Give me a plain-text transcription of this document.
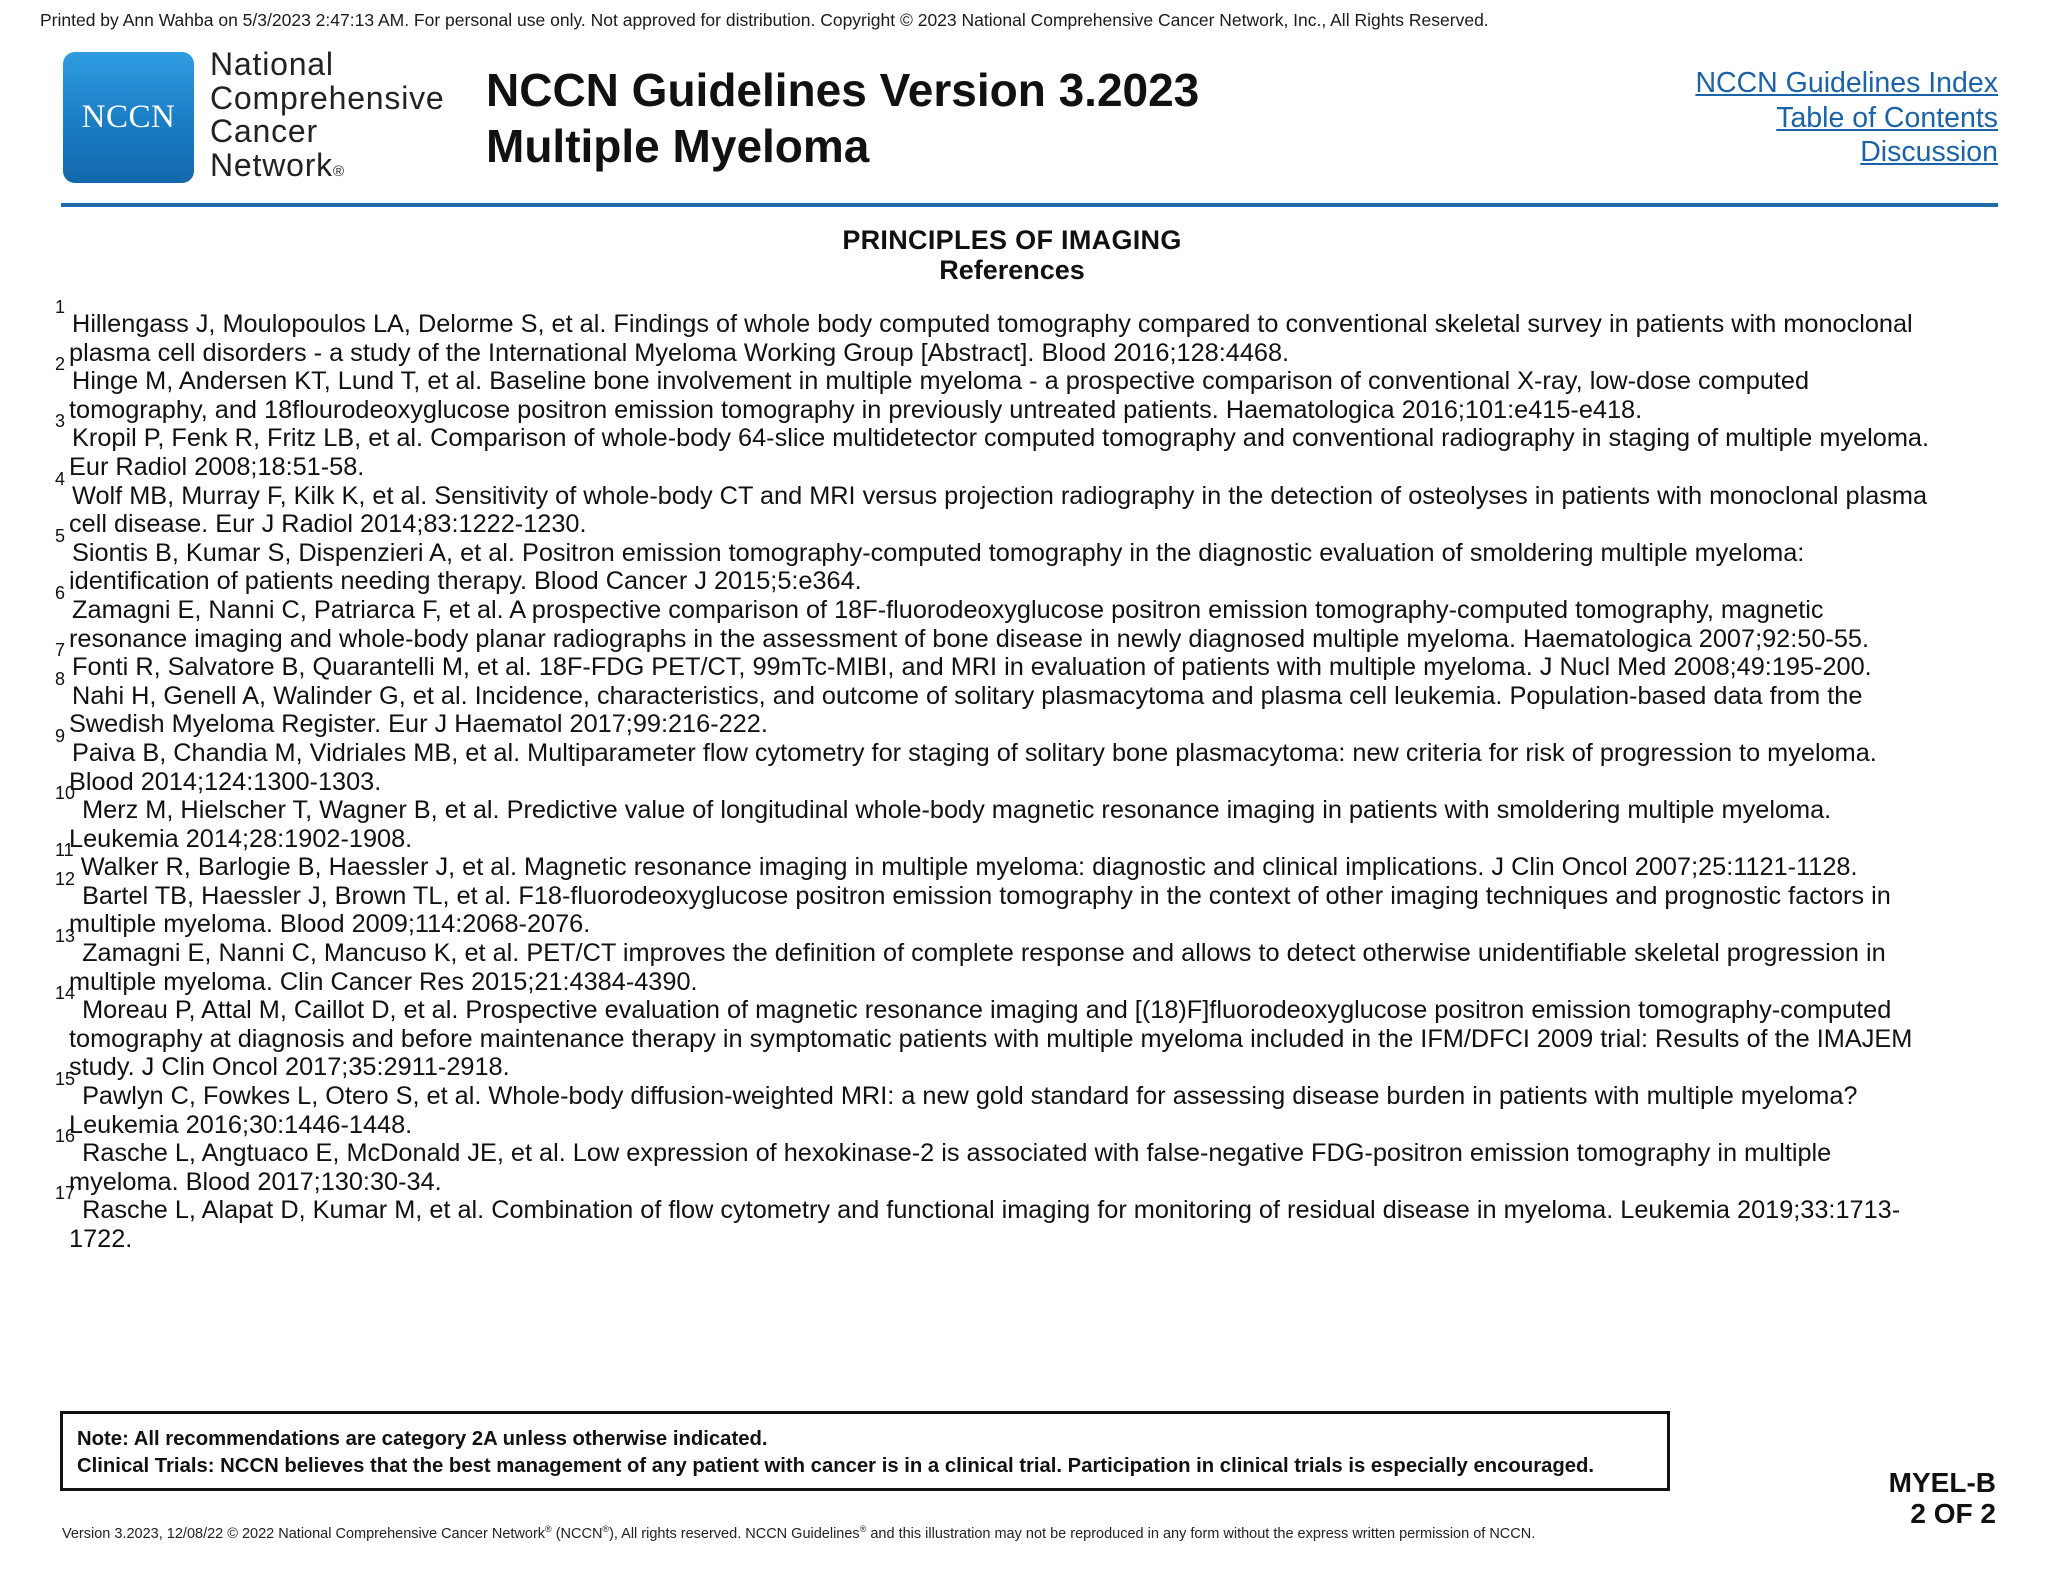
Printed by Ann Wahba on 5/3/2023 2:47:13 AM. For personal use only. Not approved for distribution. Copyright © 2023 National Comprehensive Cancer Network, Inc., All Rights Reserved.
NCCN
National
Comprehensive
Cancer
Network®
NCCN Guidelines Version 3.2023
Multiple Myeloma
NCCN Guidelines Index
Table of Contents
Discussion
PRINCIPLES OF IMAGING
References
$^1$ Hillengass J, Moulopoulos LA, Delorme S, et al. Findings of whole body computed tomography compared to conventional skeletal survey in patients with monoclonal
plasma cell disorders - a study of the International Myeloma Working Group [Abstract]. Blood 2016;128:4468.
$^2$ Hinge M, Andersen KT, Lund T, et al. Baseline bone involvement in multiple myeloma - a prospective comparison of conventional X-ray, low-dose computed
tomography, and 18flourodeoxyglucose positron emission tomography in previously untreated patients. Haematologica 2016;101:e415-e418.
$^3$ Kropil P, Fenk R, Fritz LB, et al. Comparison of whole-body 64-slice multidetector computed tomography and conventional radiography in staging of multiple myeloma.
Eur Radiol 2008;18:51-58.
$^4$ Wolf MB, Murray F, Kilk K, et al. Sensitivity of whole-body CT and MRI versus projection radiography in the detection of osteolyses in patients with monoclonal plasma
cell disease. Eur J Radiol 2014;83:1222-1230.
$^5$ Siontis B, Kumar S, Dispenzieri A, et al. Positron emission tomography-computed tomography in the diagnostic evaluation of smoldering multiple myeloma:
identification of patients needing therapy. Blood Cancer J 2015;5:e364.
$^6$ Zamagni E, Nanni C, Patriarca F, et al. A prospective comparison of 18F-fluorodeoxyglucose positron emission tomography-computed tomography, magnetic
resonance imaging and whole-body planar radiographs in the assessment of bone disease in newly diagnosed multiple myeloma. Haematologica 2007;92:50-55.
$^7$ Fonti R, Salvatore B, Quarantelli M, et al. 18F-FDG PET/CT, 99mTc-MIBI, and MRI in evaluation of patients with multiple myeloma. J Nucl Med 2008;49:195-200.
$^8$ Nahi H, Genell A, Walinder G, et al. Incidence, characteristics, and outcome of solitary plasmacytoma and plasma cell leukemia. Population-based data from the
Swedish Myeloma Register. Eur J Haematol 2017;99:216-222.
$^9$ Paiva B, Chandia M, Vidriales MB, et al. Multiparameter flow cytometry for staging of solitary bone plasmacytoma: new criteria for risk of progression to myeloma.
Blood 2014;124:1300-1303.
$^{10}$ Merz M, Hielscher T, Wagner B, et al. Predictive value of longitudinal whole-body magnetic resonance imaging in patients with smoldering multiple myeloma.
Leukemia 2014;28:1902-1908.
$^{11}$ Walker R, Barlogie B, Haessler J, et al. Magnetic resonance imaging in multiple myeloma: diagnostic and clinical implications. J Clin Oncol 2007;25:1121-1128.
$^{12}$ Bartel TB, Haessler J, Brown TL, et al. F18-fluorodeoxyglucose positron emission tomography in the context of other imaging techniques and prognostic factors in
multiple myeloma. Blood 2009;114:2068-2076.
$^{13}$ Zamagni E, Nanni C, Mancuso K, et al. PET/CT improves the definition of complete response and allows to detect otherwise unidentifiable skeletal progression in
multiple myeloma. Clin Cancer Res 2015;21:4384-4390.
$^{14}$ Moreau P, Attal M, Caillot D, et al. Prospective evaluation of magnetic resonance imaging and [(18)F]fluorodeoxyglucose positron emission tomography-computed
tomography at diagnosis and before maintenance therapy in symptomatic patients with multiple myeloma included in the IFM/DFCI 2009 trial: Results of the IMAJEM
study. J Clin Oncol 2017;35:2911-2918.
$^{15}$ Pawlyn C, Fowkes L, Otero S, et al. Whole-body diffusion-weighted MRI: a new gold standard for assessing disease burden in patients with multiple myeloma?
Leukemia 2016;30:1446-1448.
$^{16}$ Rasche L, Angtuaco E, McDonald JE, et al. Low expression of hexokinase-2 is associated with false-negative FDG-positron emission tomography in multiple
myeloma. Blood 2017;130:30-34.
$^{17}$ Rasche L, Alapat D, Kumar M, et al. Combination of flow cytometry and functional imaging for monitoring of residual disease in myeloma. Leukemia 2019;33:1713-
1722.
Note: All recommendations are category 2A unless otherwise indicated.
Clinical Trials: NCCN believes that the best management of any patient with cancer is in a clinical trial. Participation in clinical trials is especially encouraged.
MYEL-B
2 OF 2
Version 3.2023, 12/08/22 © 2022 National Comprehensive Cancer Network® (NCCN®), All rights reserved. NCCN Guidelines® and this illustration may not be reproduced in any form without the express written permission of NCCN.
